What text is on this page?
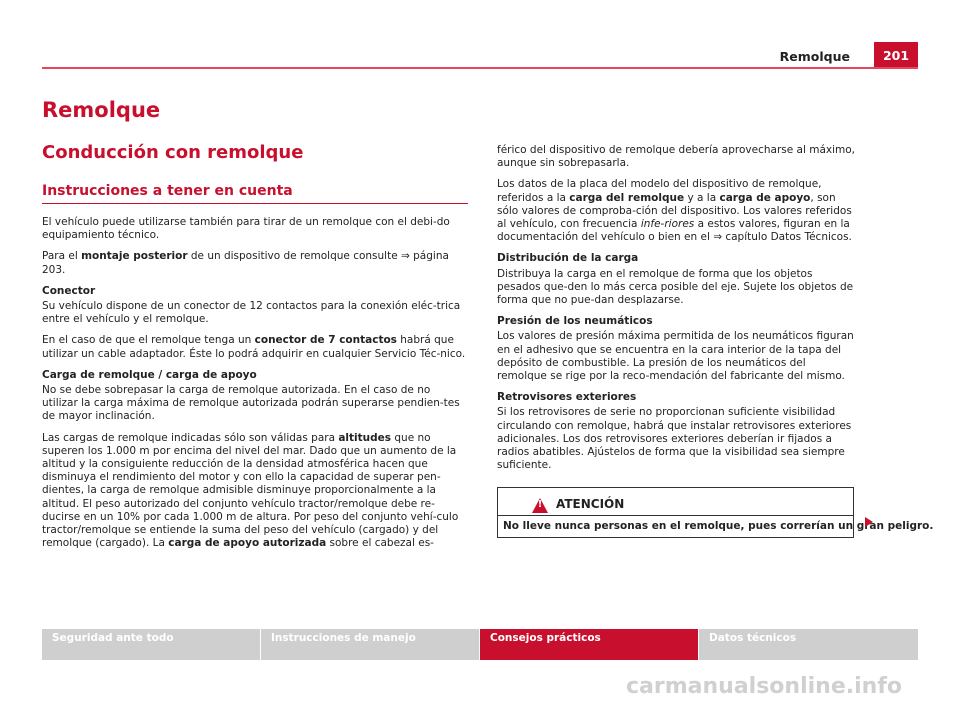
Remolque	201
Remolque
Conducción con remolque
Instrucciones a tener en cuenta

El vehículo puede utilizarse también para tirar de un remolque con el debi-do equipamiento técnico.

Para el montaje posterior de un dispositivo de remolque consulte ⇒ página 203.

Conector
Su vehículo dispone de un conector de 12 contactos para la conexión eléc-trica entre el vehículo y el remolque.

En el caso de que el remolque tenga un conector de 7 contactos habrá que utilizar un cable adaptador. Éste lo podrá adquirir en cualquier Servicio Téc-nico.

Carga de remolque / carga de apoyo
No se debe sobrepasar la carga de remolque autorizada. En el caso de no utilizar la carga máxima de remolque autorizada podrán superarse pendien-tes de mayor inclinación.

Las cargas de remolque indicadas sólo son válidas para altitudes que no superen los 1.000 m por encima del nivel del mar. Dado que un aumento de la altitud y la consiguiente reducción de la densidad atmosférica hacen que disminuya el rendimiento del motor y con ello la capacidad de superar pen-dientes, la carga de remolque admisible disminuye proporcionalmente a la altitud. El peso autorizado del conjunto vehículo tractor/remolque debe re-ducirse en un 10% por cada 1.000 m de altura. Por peso del conjunto vehí-culo tractor/remolque se entiende la suma del peso del vehículo (cargado) y del remolque (cargado). La carga de apoyo autorizada sobre el cabezal es-

férico del dispositivo de remolque debería aprovecharse al máximo, aunque sin sobrepasarla.

Los datos de la placa del modelo del dispositivo de remolque, referidos a la carga del remolque y a la carga de apoyo, son sólo valores de comproba-ción del dispositivo. Los valores referidos al vehículo, con frecuencia infe-riores a estos valores, figuran en la documentación del vehículo o bien en el ⇒ capítulo Datos Técnicos.

Distribución de la carga
Distribuya la carga en el remolque de forma que los objetos pesados que-den lo más cerca posible del eje. Sujete los objetos de forma que no pue-dan desplazarse.

Presión de los neumáticos
Los valores de presión máxima permitida de los neumáticos figuran en el adhesivo que se encuentra en la cara interior de la tapa del depósito de combustible. La presión de los neumáticos del remolque se rige por la reco-mendación del fabricante del mismo.

Retrovisores exteriores
Si los retrovisores de serie no proporcionan suficiente visibilidad circulando con remolque, habrá que instalar retrovisores exteriores adicionales. Los dos retrovisores exteriores deberían ir fijados a radios abatibles. Ajústelos de forma que la visibilidad sea siempre suficiente.

!	ATENCIÓN
No lleve nunca personas en el remolque, pues correrían un gran peligro.
Seguridad ante todo	Instrucciones de manejo	Consejos prácticos	Datos técnicos
carmanualsonline.info
